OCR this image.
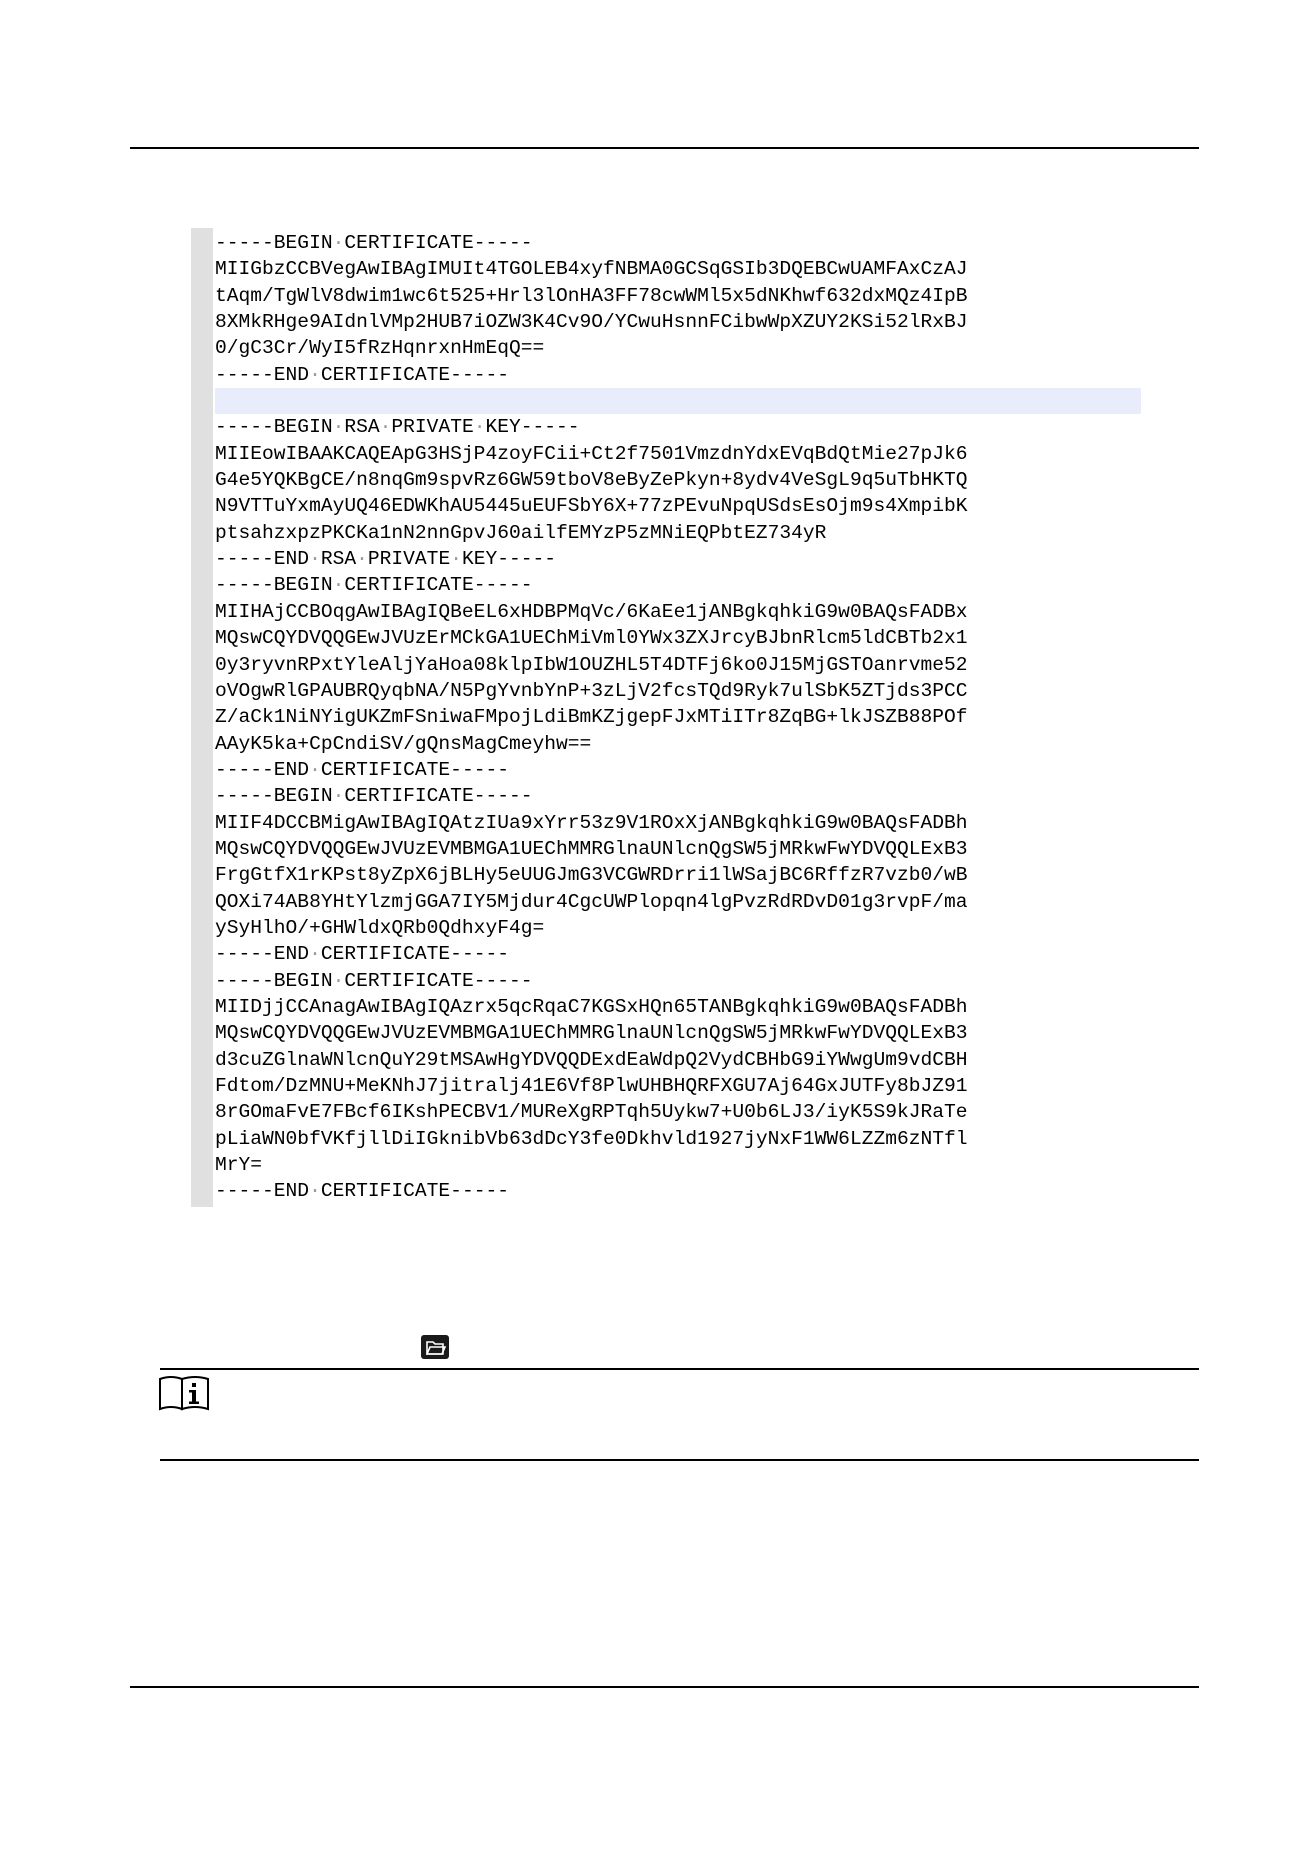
-----BEGIN·CERTIFICATE-----
MIIGbzCCBVegAwIBAgIMUIt4TGOLEB4xyfNBMA0GCSqGSIb3DQEBCwUAMFAxCzAJ
tAqm/TgWlV8dwim1wc6t525+Hrl3lOnHA3FF78cwWMl5x5dNKhwf632dxMQz4IpB
8XMkRHge9AIdnlVMp2HUB7iOZW3K4Cv9O/YCwuHsnnFCibwWpXZUY2KSi52lRxBJ
0/gC3Cr/WyI5fRzHqnrxnHmEqQ==
-----END·CERTIFICATE-----
-----BEGIN·RSA·PRIVATE·KEY-----
MIIEowIBAAKCAQEApG3HSjP4zoyFCii+Ct2f7501VmzdnYdxEVqBdQtMie27pJk6
G4e5YQKBgCE/n8nqGm9spvRz6GW59tboV8eByZePkyn+8ydv4VeSgL9q5uTbHKTQ
N9VTTuYxmAyUQ46EDWKhAU5445uEUFSbY6X+77zPEvuNpqUSdsEsOjm9s4XmpibK
ptsahzxpzPKCKa1nN2nnGpvJ60ailfEMYzP5zMNiEQPbtEZ734yR
-----END·RSA·PRIVATE·KEY-----
-----BEGIN·CERTIFICATE-----
MIIHAjCCBOqgAwIBAgIQBeEL6xHDBPMqVc/6KaEe1jANBgkqhkiG9w0BAQsFADBx
MQswCQYDVQQGEwJVUzErMCkGA1UEChMiVml0YWx3ZXJrcyBJbnRlcm5ldCBTb2x1
0y3ryvnRPxtYleAljYaHoa08klpIbW1OUZHL5T4DTFj6ko0J15MjGSTOanrvme52
oVOgwRlGPAUBRQyqbNA/N5PgYvnbYnP+3zLjV2fcsTQd9Ryk7ulSbK5ZTjds3PCC
Z/aCk1NiNYigUKZmFSniwaFMpojLdiBmKZjgepFJxMTiITr8ZqBG+lkJSZB88POf
AAyK5ka+CpCndiSV/gQnsMagCmeyhw==
-----END·CERTIFICATE-----
-----BEGIN·CERTIFICATE-----
MIIF4DCCBMigAwIBAgIQAtzIUa9xYrr53z9V1ROxXjANBgkqhkiG9w0BAQsFADBh
MQswCQYDVQQGEwJVUzEVMBMGA1UEChMMRGlnaUNlcnQgSW5jMRkwFwYDVQQLExB3
FrgGtfX1rKPst8yZpX6jBLHy5eUUGJmG3VCGWRDrri1lWSajBC6RffzR7vzb0/wB
QOXi74AB8YHtYlzmjGGA7IY5Mjdur4CgcUWPlopqn4lgPvzRdRDvD01g3rvpF/ma
ySyHlhO/+GHWldxQRb0QdhxyF4g=
-----END·CERTIFICATE-----
-----BEGIN·CERTIFICATE-----
MIIDjjCCAnagAwIBAgIQAzrx5qcRqaC7KGSxHQn65TANBgkqhkiG9w0BAQsFADBh
MQswCQYDVQQGEwJVUzEVMBMGA1UEChMMRGlnaUNlcnQgSW5jMRkwFwYDVQQLExB3
d3cuZGlnaWNlcnQuY29tMSAwHgYDVQQDExdEaWdpQ2VydCBHbG9iYWwgUm9vdCBH
Fdtom/DzMNU+MeKNhJ7jitralj41E6Vf8PlwUHBHQRFXGU7Aj64GxJUTFy8bJZ91
8rGOmaFvE7FBcf6IKshPECBV1/MUReXgRPTqh5Uykw7+U0b6LJ3/iyK5S9kJRaTe
pLiaWN0bfVKfjllDiIGknibVb63dDcY3fe0Dkhvld1927jyNxF1WW6LZZm6zNTfl
MrY=
-----END·CERTIFICATE-----
